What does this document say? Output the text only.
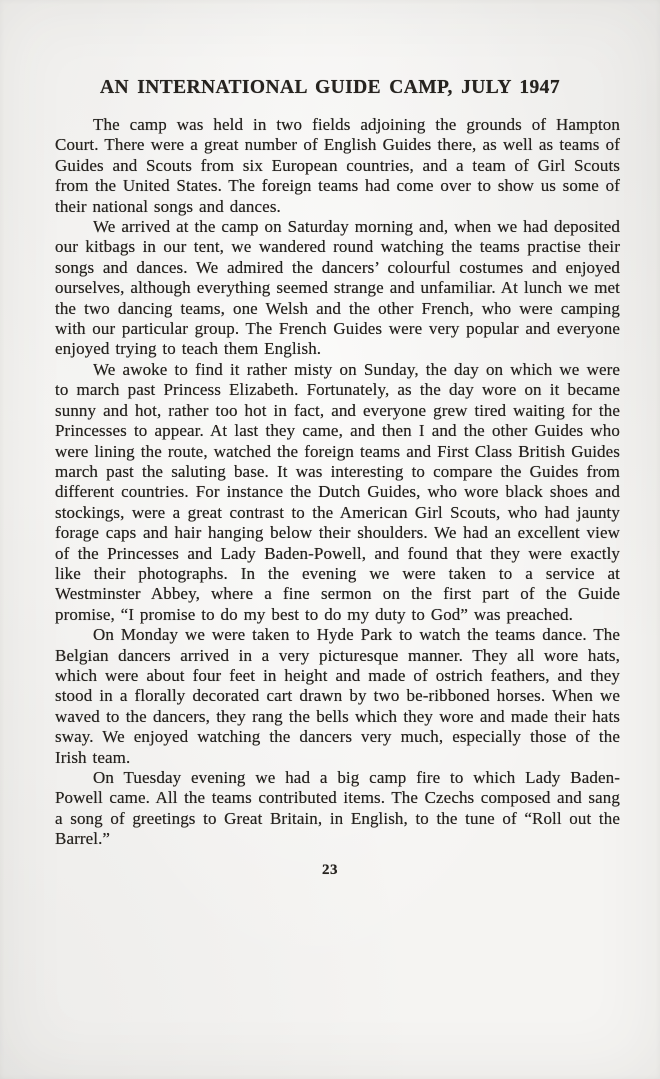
AN INTERNATIONAL GUIDE CAMP, JULY 1947

The camp was held in two fields adjoining the grounds of Hampton Court. There were a great number of English Guides there, as well as teams of Guides and Scouts from six European countries, and a team of Girl Scouts from the United States. The foreign teams had come over to show us some of their national songs and dances.

We arrived at the camp on Saturday morning and, when we had deposited our kitbags in our tent, we wandered round watching the teams practise their songs and dances. We admired the dancers’ colourful costumes and enjoyed ourselves, although everything seemed strange and unfamiliar. At lunch we met the two dancing teams, one Welsh and the other French, who were camping with our particular group. The French Guides were very popular and everyone enjoyed trying to teach them English.

We awoke to find it rather misty on Sunday, the day on which we were to march past Princess Elizabeth. Fortunately, as the day wore on it became sunny and hot, rather too hot in fact, and everyone grew tired waiting for the Princesses to appear. At last they came, and then I and the other Guides who were lining the route, watched the foreign teams and First Class British Guides march past the saluting base. It was interesting to compare the Guides from different countries. For instance the Dutch Guides, who wore black shoes and stockings, were a great contrast to the American Girl Scouts, who had jaunty forage caps and hair hanging below their shoulders. We had an excellent view of the Princesses and Lady Baden-Powell, and found that they were exactly like their photographs. In the evening we were taken to a service at Westminster Abbey, where a fine sermon on the first part of the Guide promise, “I promise to do my best to do my duty to God” was preached.

On Monday we were taken to Hyde Park to watch the teams dance. The Belgian dancers arrived in a very picturesque manner. They all wore hats, which were about four feet in height and made of ostrich feathers, and they stood in a florally decorated cart drawn by two be-ribboned horses. When we waved to the dancers, they rang the bells which they wore and made their hats sway. We enjoyed watching the dancers very much, especially those of the Irish team.

On Tuesday evening we had a big camp fire to which Lady Baden-Powell came. All the teams contributed items. The Czechs composed and sang a song of greetings to Great Britain, in English, to the tune of “Roll out the Barrel.”

23
